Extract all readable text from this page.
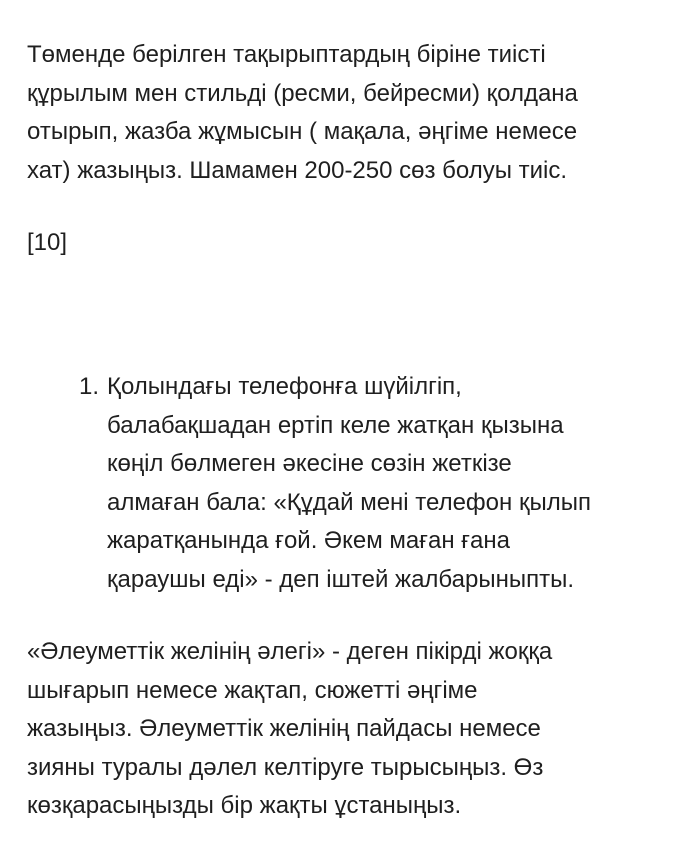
Төменде берілген тақырыптардың біріне тиісті
құрылым мен стильді (ресми, бейресми) қолдана
отырып, жазба жұмысын ( мақала, әңгіме немесе
хат) жазыңыз. Шамамен 200-250 сөз болуы тиіс.

[10]

1. Қолындағы телефонға шүйілгіп,
балабақшадан ертіп келе жатқан қызына
көңіл бөлмеген әкесіне сөзін жеткізе
алмаған бала: «Құдай мені телефон қылып
жаратқанында ғой. Әкем маған ғана
қараушы еді» - деп іштей жалбарыныпты.

«Әлеуметтік желінің әлегі» - деген пікірді жоққа
шығарып немесе жақтап, сюжетті әңгіме
жазыңыз. Әлеуметтік желінің пайдасы немесе
зияны туралы дәлел келтіруге тырысыңыз. Өз
көзқарасыңызды бір жақты ұстаныңыз.
